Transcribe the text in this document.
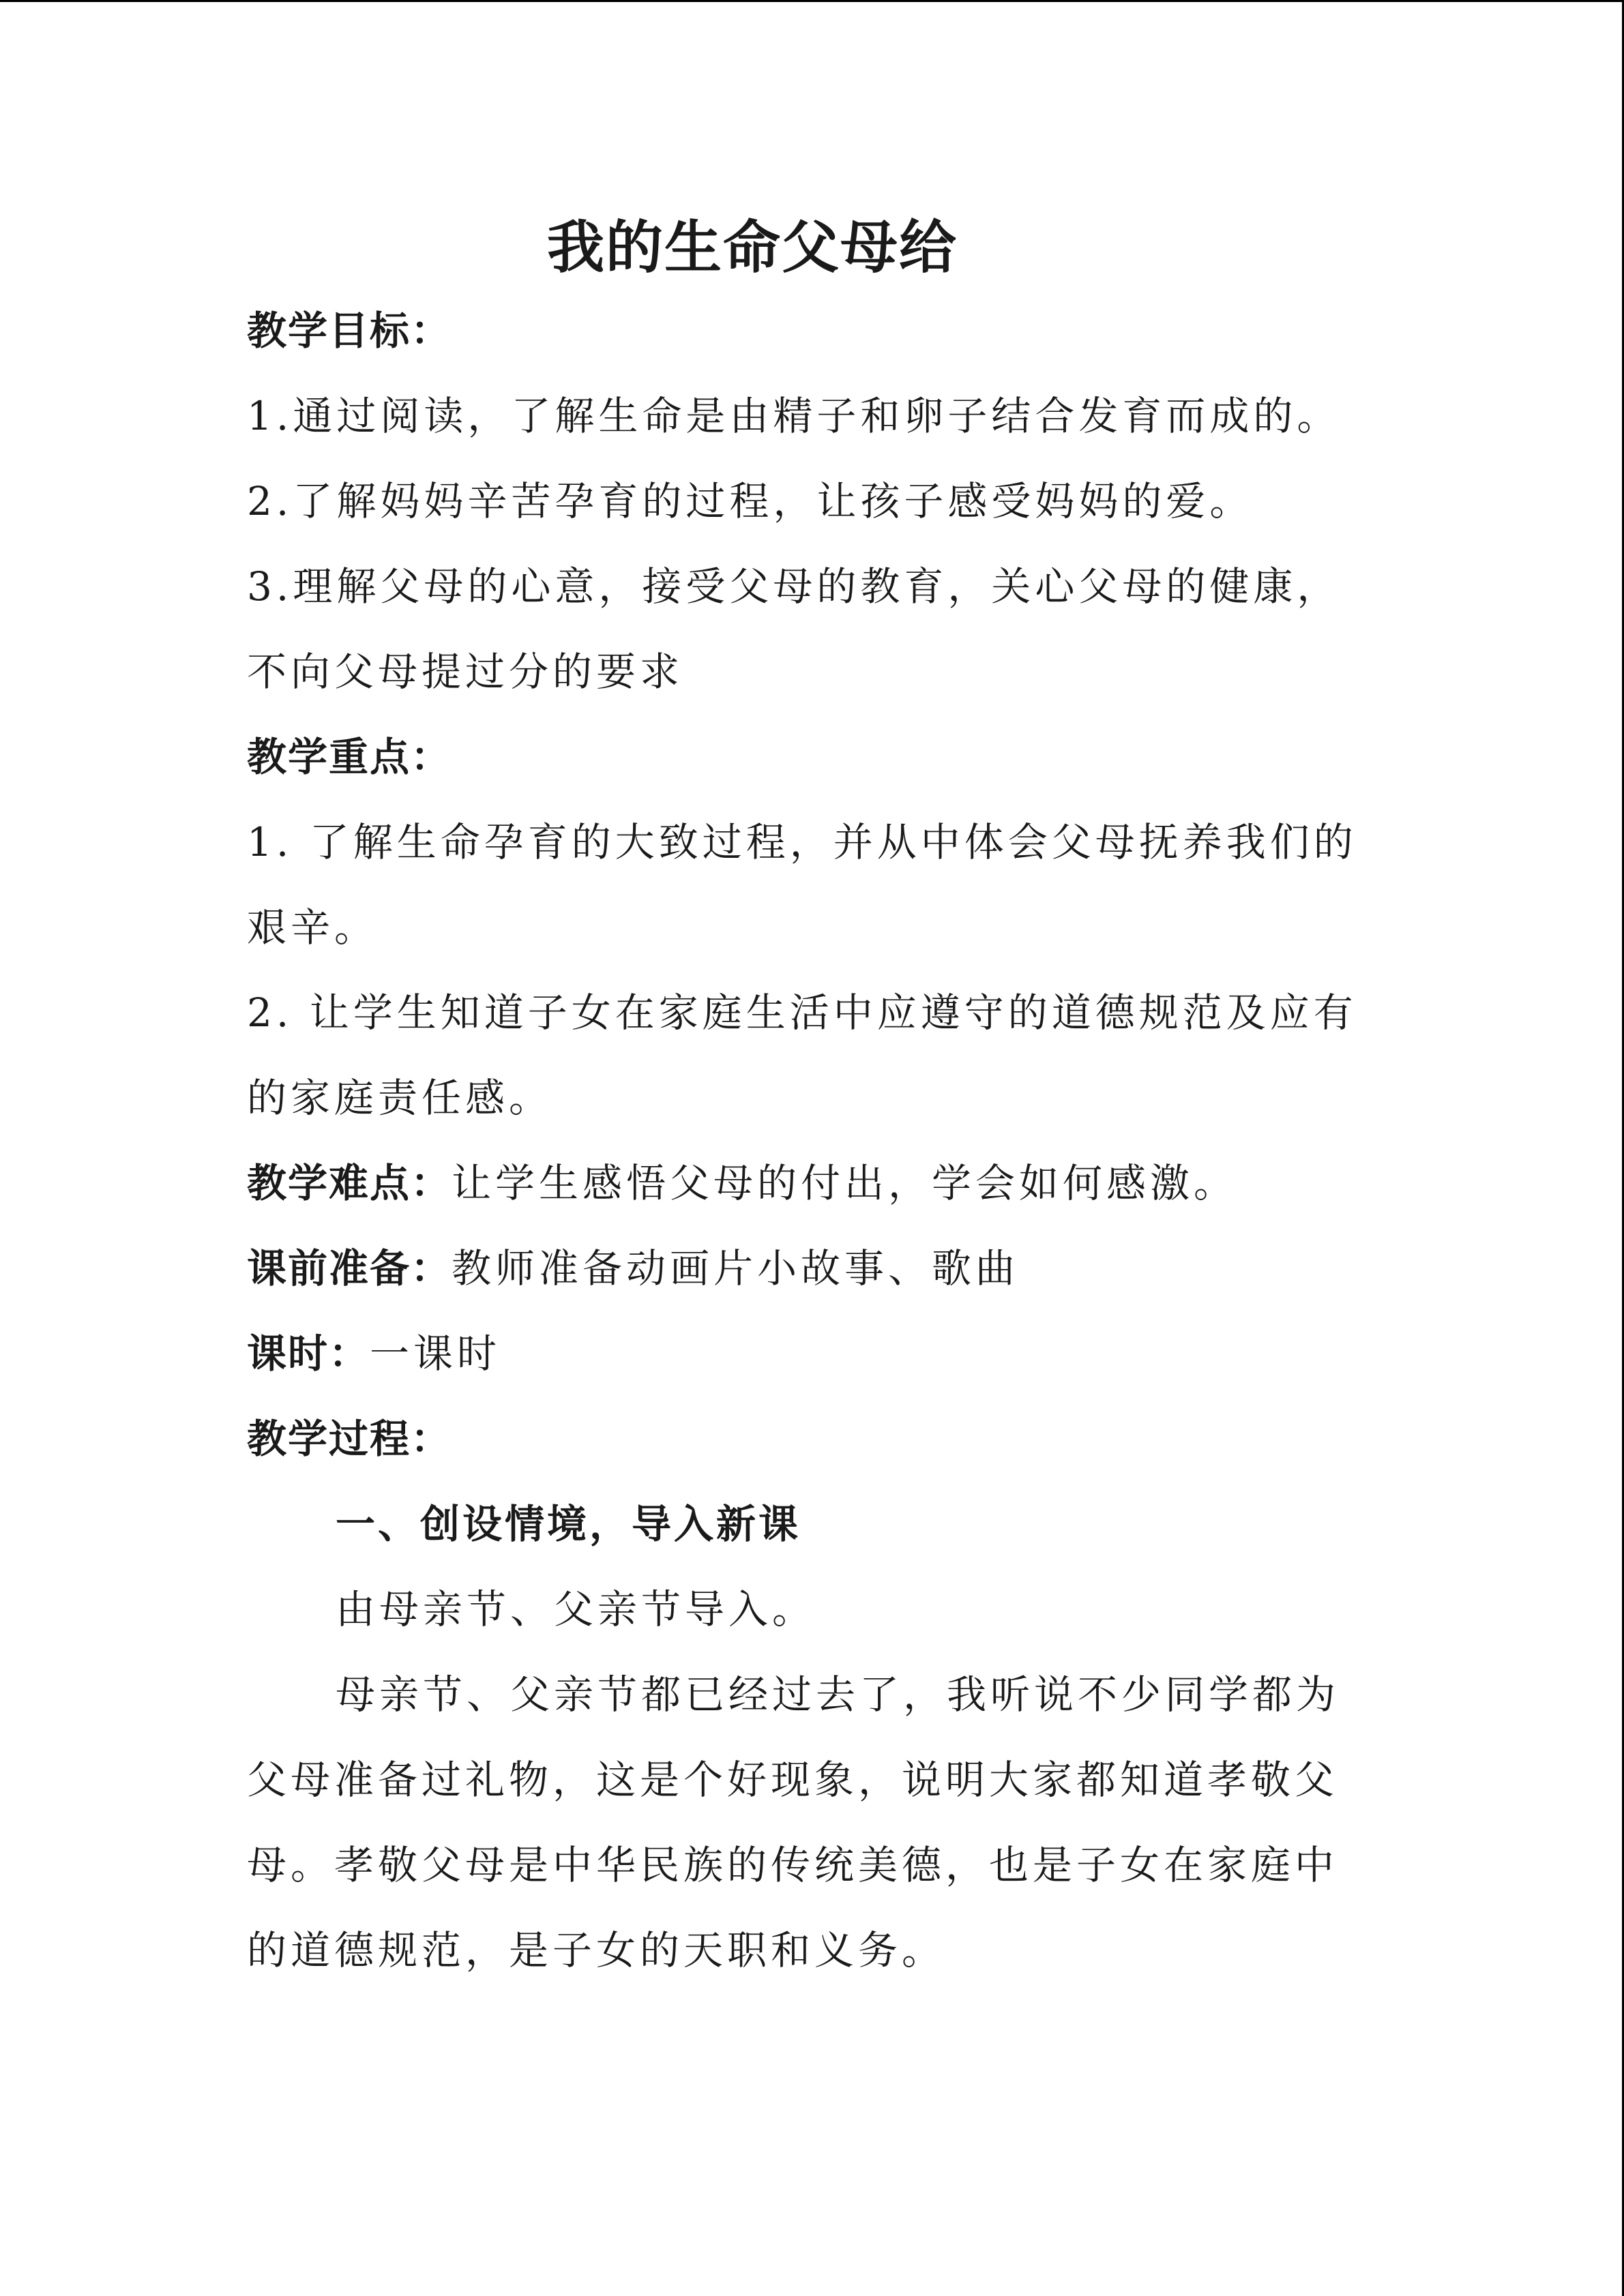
我的生命父母给
教学目标：
1.通过阅读，了解生命是由精子和卵子结合发育而成的。
2.了解妈妈辛苦孕育的过程，让孩子感受妈妈的爱。
3.理解父母的心意，接受父母的教育，关心父母的健康，
不向父母提过分的要求
教学重点：
1. 了解生命孕育的大致过程，并从中体会父母抚养我们的
艰辛。
2. 让学生知道子女在家庭生活中应遵守的道德规范及应有
的家庭责任感。
教学难点：让学生感悟父母的付出，学会如何感激。
课前准备：教师准备动画片小故事、歌曲
课时：一课时
教学过程：
一、创设情境，导入新课
由母亲节、父亲节导入。
母亲节、父亲节都已经过去了，我听说不少同学都为
父母准备过礼物，这是个好现象，说明大家都知道孝敬父
母。孝敬父母是中华民族的传统美德，也是子女在家庭中
的道德规范，是子女的天职和义务。
